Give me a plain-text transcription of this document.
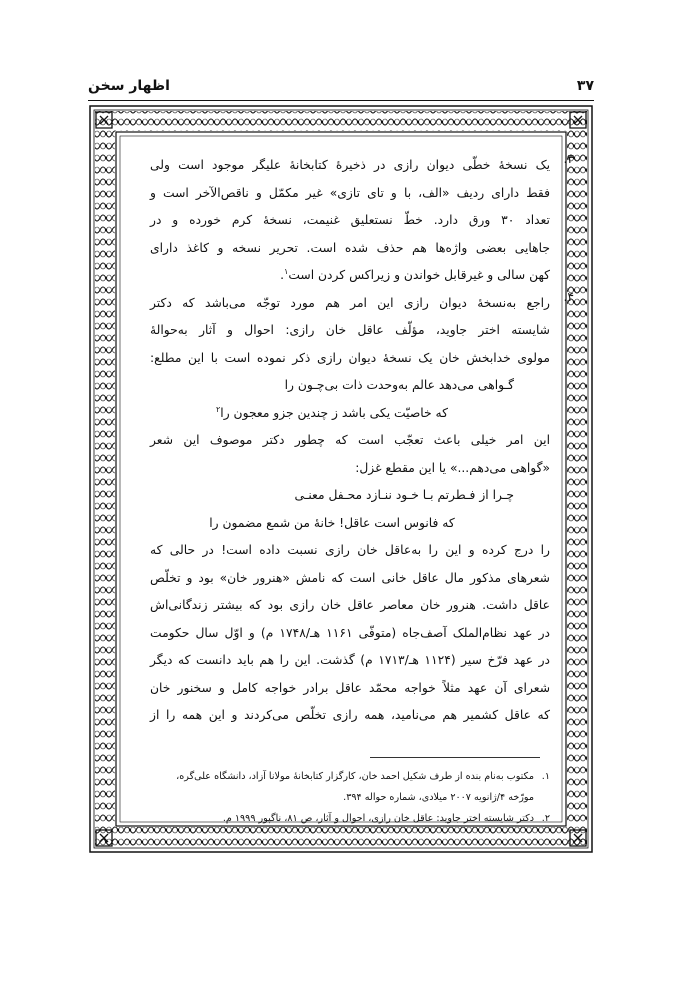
۳۷
اظهار سخن
۳.
یک نسخهٔ خطّی دیوان رازی در ذخیرهٔ کتابخانهٔ علیگر موجود است ولی
فقط دارای ردیف «الف، با و تای تازی» غیر مکمّل و ناقص‌الآخر است و
تعداد ۳۰ ورق دارد. خطّ نستعلیق غنیمت، نسخهٔ کرم خورده و در
جاهایی بعضی واژه‌ها هم حذف شده است. تحریر نسخه و کاغذ دارای
کهن سالی و غیرقابل خواندن و زیراکس کردن است$^۱$.
۴.
راجع به‌نسخهٔ دیوان رازی این امر هم مورد توجّه می‌باشد که دکتر
شایسته اختر جاوید، مؤلّف عاقل خان رازی: احوال و آثار به‌حوالهٔ
مولوی خدابخش خان یک نسخهٔ دیوان رازی ذکر نموده است با این مطلع:
گـواهی می‌دهد عالم به‌وحدت ذات بی‌چـون را
که خاصیّت یکی باشد ز چندین جزو معجون را$^۲$
این امر خیلی باعث تعجّب است که چطور دکتر موصوف این شعر
«گواهی می‌دهم...» یا این مقطع غزل:
چـرا از فـطرتم بـا خـود ننـازد محـفل معنـی
که فانوس است عاقل! خانهٔ من شمع مضمون را
را درج کرده و این را به‌عاقل خان رازی نسبت داده است! در حالی که
شعرهای مذکور مال عاقل خانی است که نامش «هنرور خان» بود و تخلّص
عاقل داشت. هنرور خان معاصر عاقل خان رازی بود که بیشتر زندگانی‌اش
در عهد نظام‌الملک آصف‌جاه (متوفّی ۱۱۶۱ هـ/۱۷۴۸ م) و اوّل سال حکومت
در عهد فرّخ سیر (۱۱۲۴ هـ/۱۷۱۳ م) گذشت. این را هم باید دانست که دیگر
شعرای آن عهد مثلاً خواجه محمّد عاقل برادر خواجه کامل و سخنور خان
که عاقل کشمیر هم می‌نامید، همه رازی تخلّص می‌کردند و این همه را از
۱.مکتوب به‌نام بنده از طرف شکیل احمد خان، کارگزار کتابخانهٔ مولانا آزاد، دانشگاه علی‌گره،
مورّخه ۴/ژانویه ۲۰۰۷ میلادی، شماره حواله ۳۹۴.
۲.دکتر شایسته اختر جاوید: عاقل خان رازی، احوال و آثار، ص ۸۱، ناگپور ۱۹۹۹ م.
